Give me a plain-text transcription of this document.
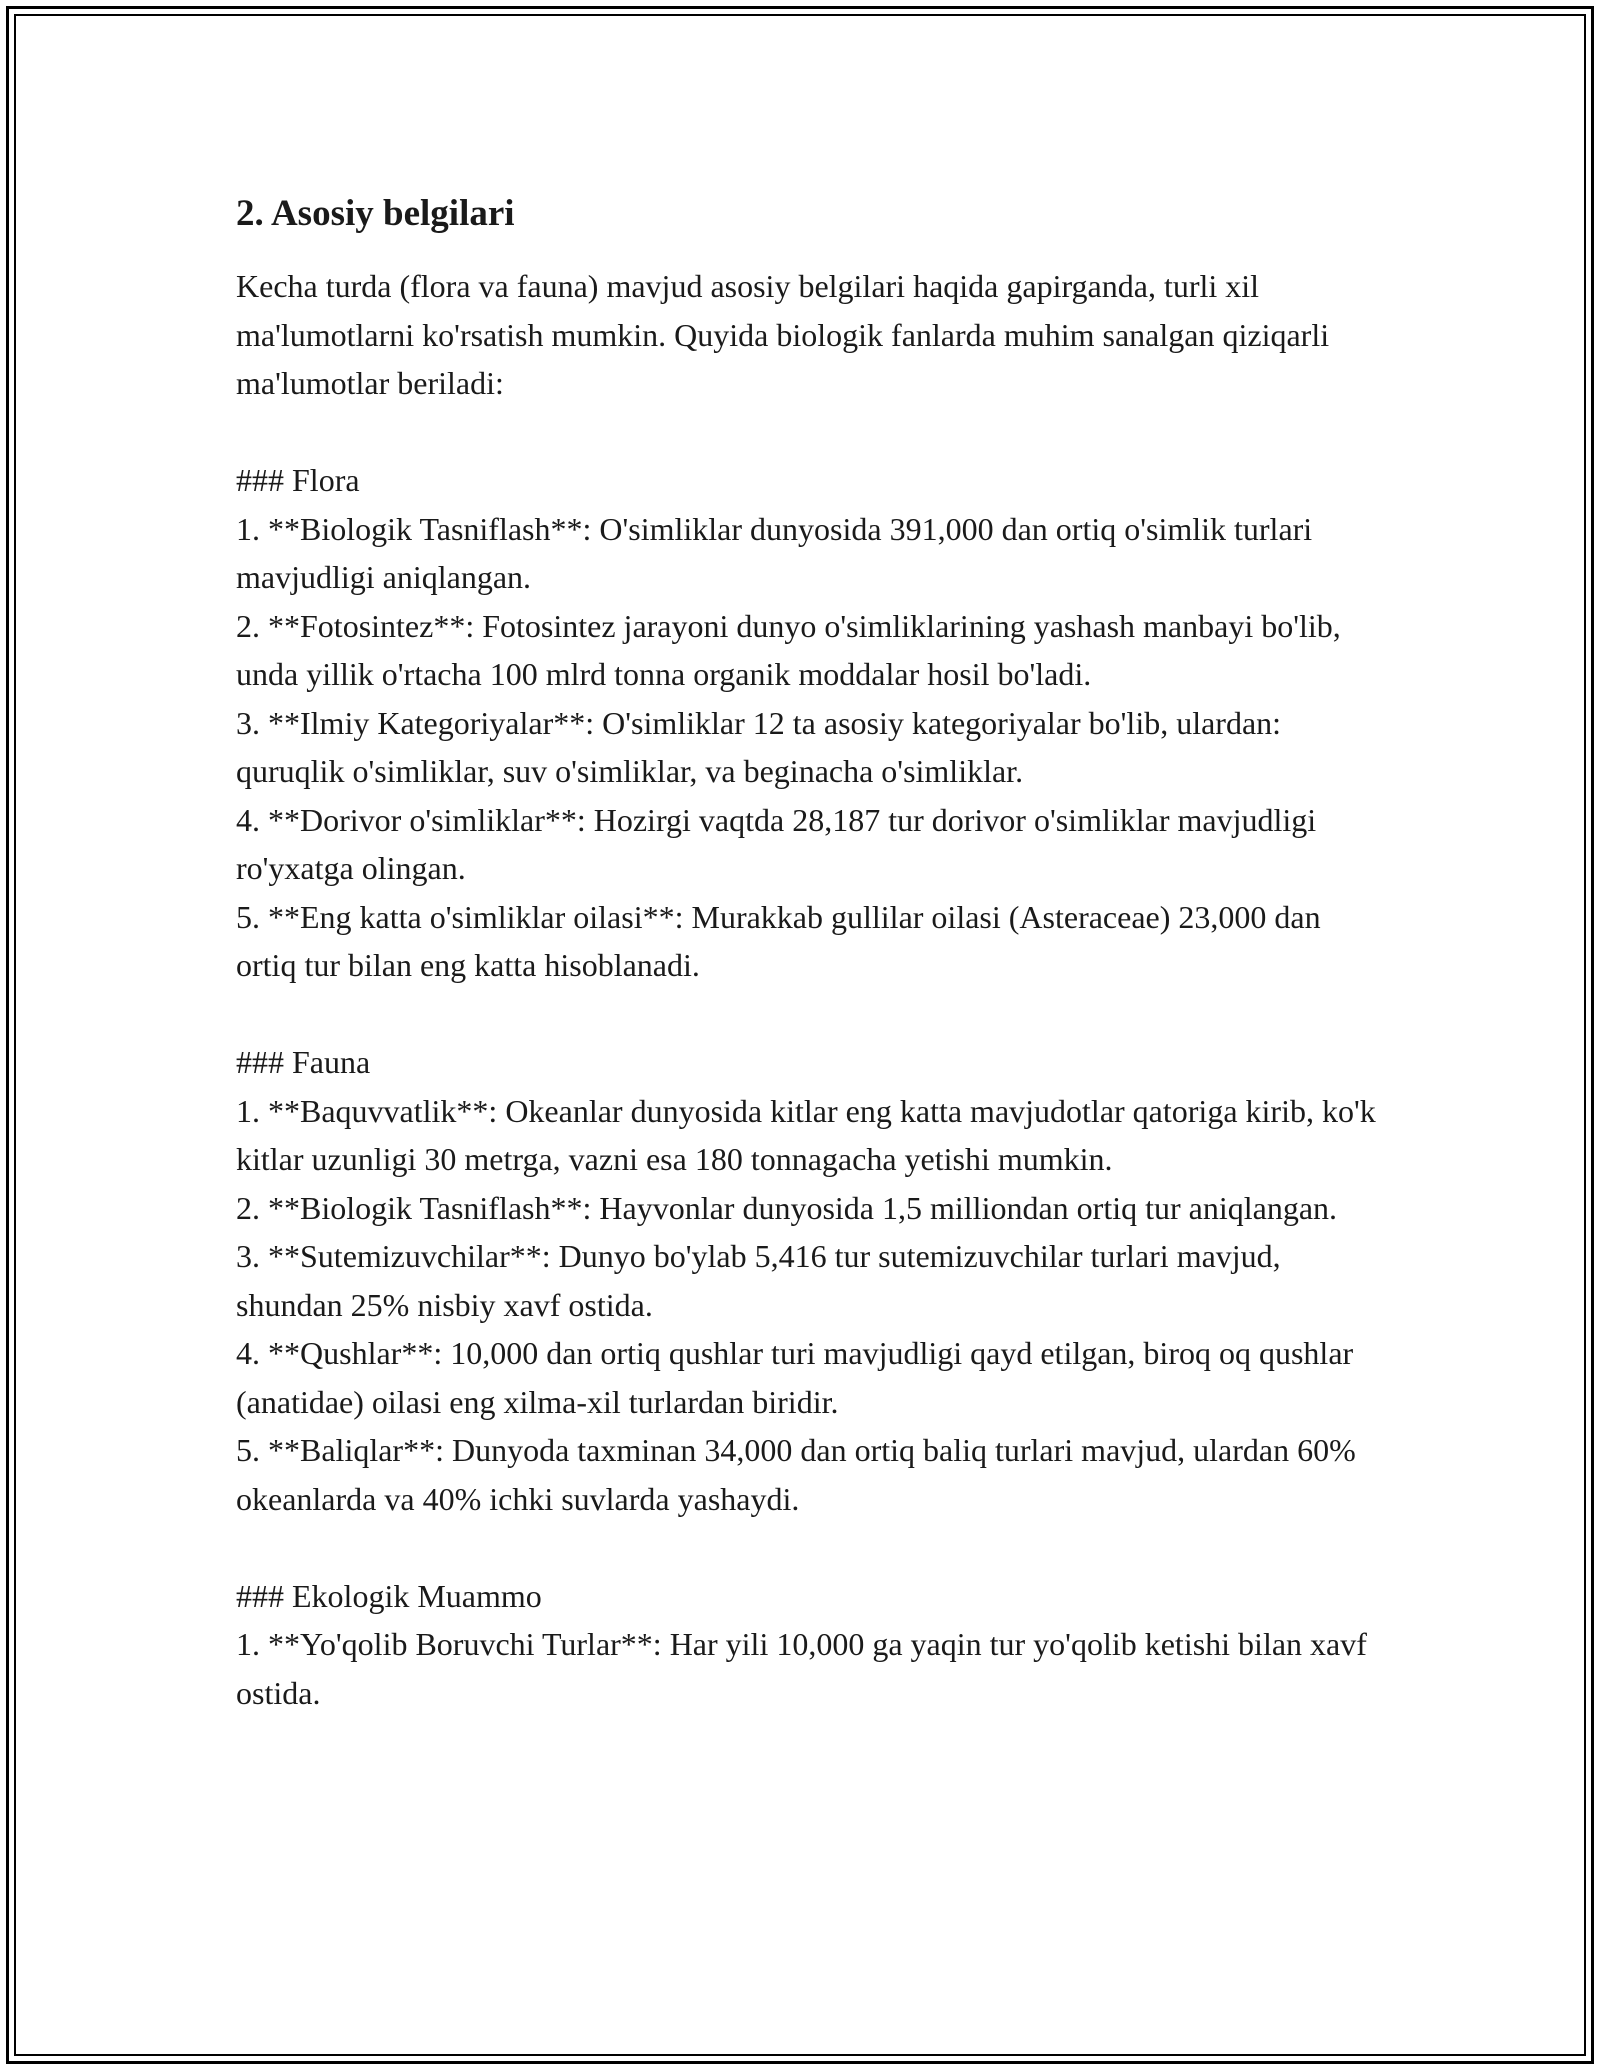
2. Asosiy belgilari

Kecha turda (flora va fauna) mavjud asosiy belgilari haqida gapirganda, turli xil ma'lumotlarni ko'rsatish mumkin. Quyida biologik fanlarda muhim sanalgan qiziqarli ma'lumotlar beriladi:

### Flora

1. **Biologik Tasniflash**: O'simliklar dunyosida 391,000 dan ortiq o'simlik turlari mavjudligi aniqlangan.

2. **Fotosintez**: Fotosintez jarayoni dunyo o'simliklarining yashash manbayi bo'lib, unda yillik o'rtacha 100 mlrd tonna organik moddalar hosil bo'ladi.

3. **Ilmiy Kategoriyalar**: O'simliklar 12 ta asosiy kategoriyalar bo'lib, ulardan: quruqlik o'simliklar, suv o'simliklar, va beginacha o'simliklar.

4. **Dorivor o'simliklar**: Hozirgi vaqtda 28,187 tur dorivor o'simliklar mavjudligi ro'yxatga olingan.

5. **Eng katta o'simliklar oilasi**: Murakkab gullilar oilasi (Asteraceae) 23,000 dan ortiq tur bilan eng katta hisoblanadi.

### Fauna

1. **Baquvvatlik**: Okeanlar dunyosida kitlar eng katta mavjudotlar qatoriga kirib, ko'k kitlar uzunligi 30 metrga, vazni esa 180 tonnagacha yetishi mumkin.

2. **Biologik Tasniflash**: Hayvonlar dunyosida 1,5 milliondan ortiq tur aniqlangan.

3. **Sutemizuvchilar**: Dunyo bo'ylab 5,416 tur sutemizuvchilar turlari mavjud, shundan 25% nisbiy xavf ostida.

4. **Qushlar**: 10,000 dan ortiq qushlar turi mavjudligi qayd etilgan, biroq oq qushlar (anatidae) oilasi eng xilma-xil turlardan biridir.

5. **Baliqlar**: Dunyoda taxminan 34,000 dan ortiq baliq turlari mavjud, ulardan 60% okeanlarda va 40% ichki suvlarda yashaydi.

### Ekologik Muammo

1. **Yo'qolib Boruvchi Turlar**: Har yili 10,000 ga yaqin tur yo'qolib ketishi bilan xavf ostida.
